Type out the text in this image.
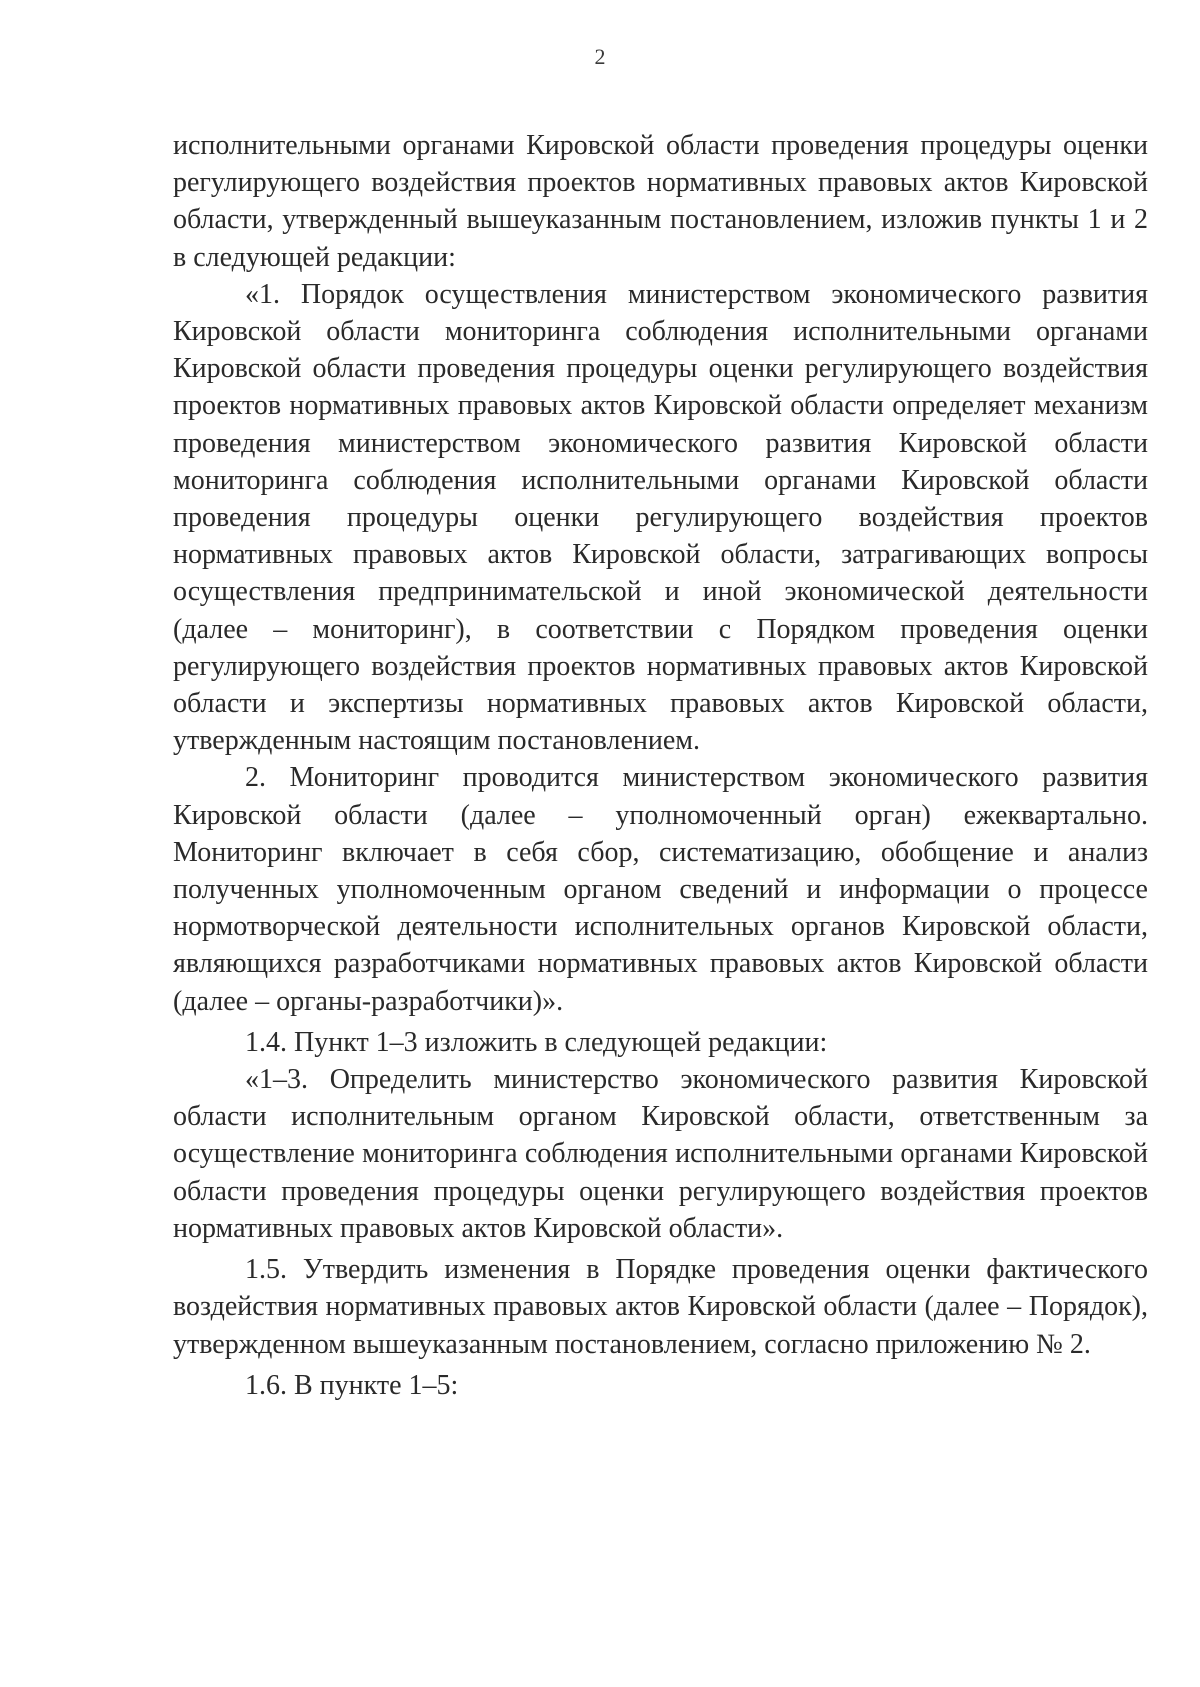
2

исполнительными органами Кировской области проведения процедуры оценки регулирующего воздействия проектов нормативных правовых актов Кировской области, утвержденный вышеуказанным постановлением, изложив пункты 1 и 2 в следующей редакции:

«1. Порядок осуществления министерством экономического развития Кировской области мониторинга соблюдения исполнительными органами Кировской области проведения процедуры оценки регулирующего воздействия проектов нормативных правовых актов Кировской области определяет механизм проведения министерством экономического развития Кировской области мониторинга соблюдения исполнительными органами Кировской области проведения процедуры оценки регулирующего воздействия проектов нормативных правовых актов Кировской области, затрагивающих вопросы осуществления предпринимательской и иной экономической деятельности (далее – мониторинг), в соответствии с Порядком проведения оценки регулирующего воздействия проектов нормативных правовых актов Кировской области и экспертизы нормативных правовых актов Кировской области, утвержденным настоящим постановлением.

2. Мониторинг проводится министерством экономического развития Кировской области (далее – уполномоченный орган) ежеквартально. Мониторинг включает в себя сбор, систематизацию, обобщение и анализ полученных уполномоченным органом сведений и информации о процессе нормотворческой деятельности исполнительных органов Кировской области, являющихся разработчиками нормативных правовых актов Кировской области (далее – органы-разработчики)».

1.4. Пункт 1–3 изложить в следующей редакции:

«1–3. Определить министерство экономического развития Кировской области исполнительным органом Кировской области, ответственным за осуществление мониторинга соблюдения исполнительными органами Кировской области проведения процедуры оценки регулирующего воздействия проектов нормативных правовых актов Кировской области».

1.5. Утвердить изменения в Порядке проведения оценки фактического воздействия нормативных правовых актов Кировской области (далее – Порядок), утвержденном вышеуказанным постановлением, согласно приложению № 2.

1.6. В пункте 1–5:
